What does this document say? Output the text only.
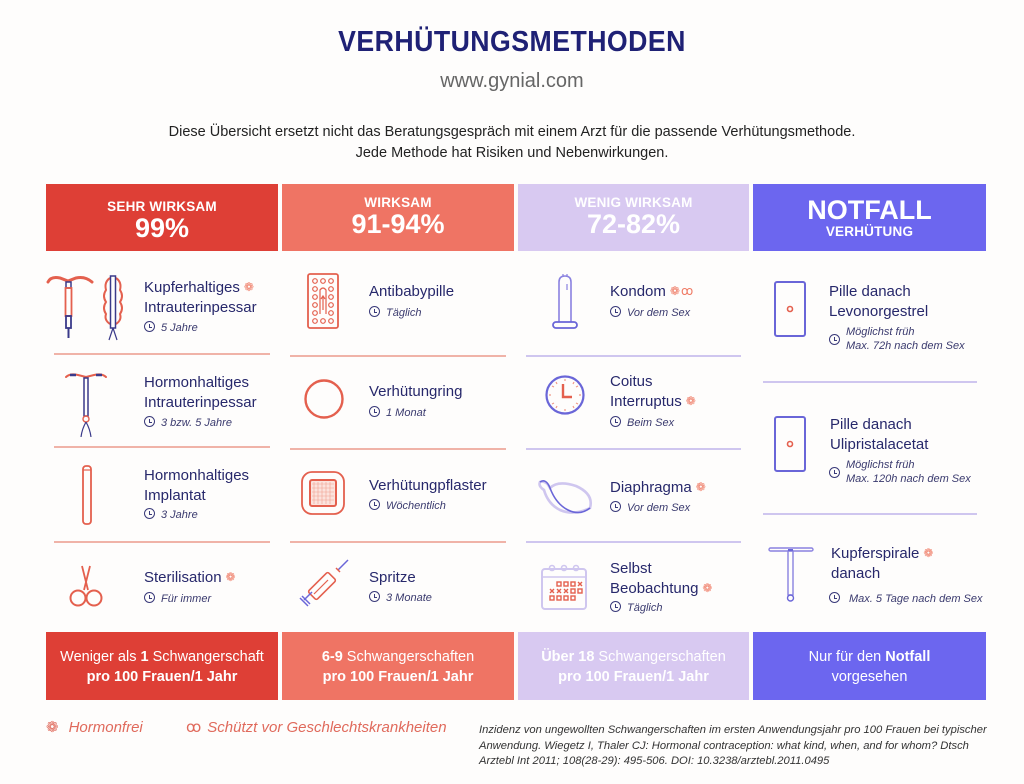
VERHÜTUNGSMETHODEN
www.gynial.com
Diese Übersicht ersetzt nicht das Beratungsgespräch mit einem Arzt für die passende Verhütungsmethode.
Jede Methode hat Risiken und Nebenwirkungen.
SEHR WIRKSAM
99%
WIRKSAM
91-94%
WENIG WIRKSAM
72-82%	NOTFALL
VERHÜTUNG
Kupferhaltiges ❁
Intrauterinpessar
5 Jahre
Hormonhaltiges
Intrauterinpessar
3 bzw. 5 Jahre
Hormonhaltiges
Implantat
3 Jahre
Sterilisation ❁
Für immer
Antibabypille
Täglich
Verhütungring
1 Monat
Verhütungpflaster
Wöchentlich
Spritze
3 Monate
Kondom ❁ꝏ
Vor dem Sex
Coitus
Interruptus ❁
Beim Sex
Diaphragma ❁
Vor dem Sex
Selbst
Beobachtung ❁
Täglich
Pille danach
Levonorgestrel
Möglichst früh
Max. 72h nach dem Sex
Pille danach
Ulipristalacetat
Möglichst früh
Max. 120h nach dem Sex
Kupferspirale ❁
danach
Max. 5 Tage nach dem Sex
Weniger als 1 Schwangerschaft
pro 100 Frauen/1 Jahr
6-9 Schwangerschaften
pro 100 Frauen/1 Jahr
Über 18 Schwangerschaften
pro 100 Frauen/1 Jahr
Nur für den Notfall
vorgesehen
❁ Hormonfrei	ꝏ Schützt vor Geschlechtskrankheiten	Inzidenz von ungewollten Schwangerschaften im ersten Anwendungsjahr pro 100 Frauen bei typischer Anwendung. Wiegetz I, Thaler CJ: Hormonal contraception: what kind, when, and for whom? Dtsch Arztebl Int 2011; 108(28-29): 495-506. DOI: 10.3238/arztebl.2011.0495
